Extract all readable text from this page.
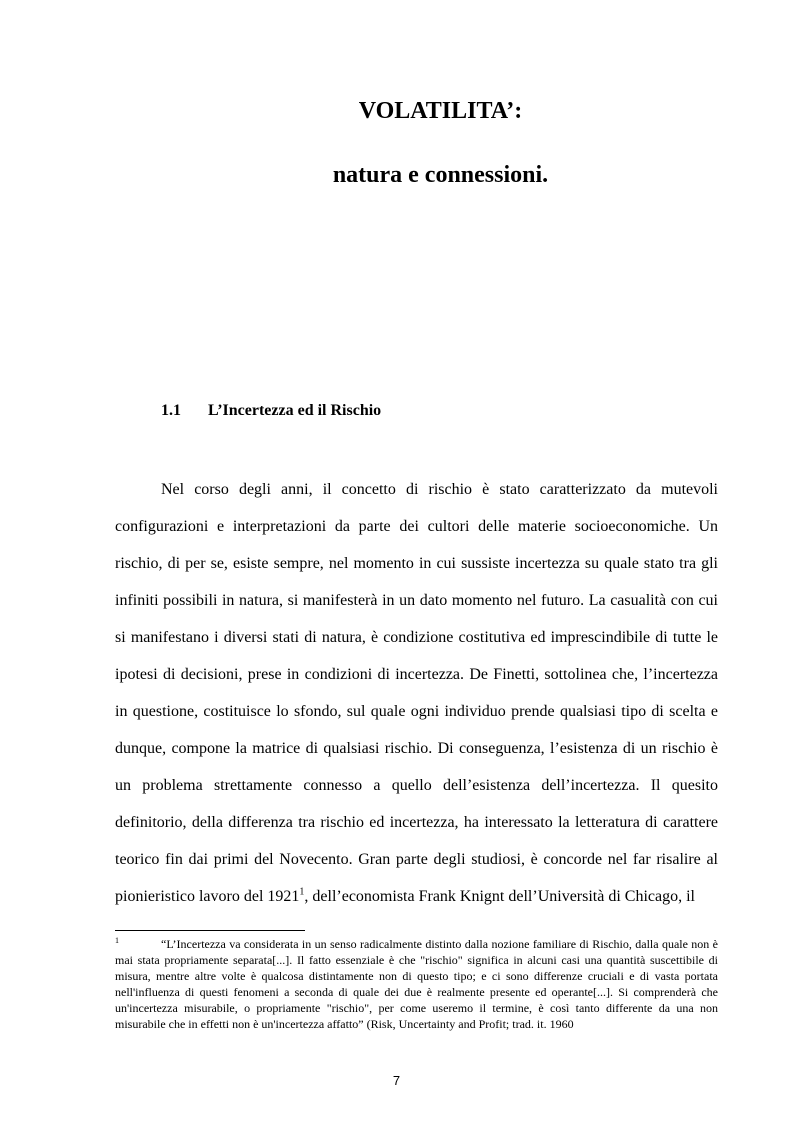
VOLATILITA’:
natura e connessioni.
1.1 L’Incertezza ed il Rischio

Nel corso degli anni, il concetto di rischio è stato caratterizzato da mutevoli configurazioni e interpretazioni da parte dei cultori delle materie socioeconomiche. Un rischio, di per se, esiste sempre, nel momento in cui sussiste incertezza su quale stato tra gli infiniti possibili in natura, si manifesterà in un dato momento nel futuro. La casualità con cui si manifestano i diversi stati di natura, è condizione costitutiva ed imprescindibile di tutte le ipotesi di decisioni, prese in condizioni di incertezza. De Finetti, sottolinea che, l’incertezza in questione, costituisce lo sfondo, sul quale ogni individuo prende qualsiasi tipo di scelta e dunque, compone la matrice di qualsiasi rischio. Di conseguenza, l’esistenza di un rischio è un problema strettamente connesso a quello dell’esistenza dell’incertezza. Il quesito definitorio, della differenza tra rischio ed incertezza, ha interessato la letteratura di carattere teorico fin dai primi del Novecento. Gran parte degli studiosi, è concorde nel far risalire al pionieristico lavoro del 1921$^1$, dell’economista Frank Knignt dell’Università di Chicago, il

1	“L’Incertezza va considerata in un senso radicalmente distinto dalla nozione familiare di Rischio, dalla quale non è mai stata propriamente separata[...]. Il fatto essenziale è che "rischio" significa in alcuni casi una quantità suscettibile di misura, mentre altre volte è qualcosa distintamente non di questo tipo; e ci sono differenze cruciali e di vasta portata nell'influenza di questi fenomeni a seconda di quale dei due è realmente presente ed operante[...]. Si comprenderà che un'incertezza misurabile, o propriamente "rischio", per come useremo il termine, è così tanto differente da una non misurabile che in effetti non è un'incertezza affatto” (Risk, Uncertainty and Profit; trad. it. 1960

7
